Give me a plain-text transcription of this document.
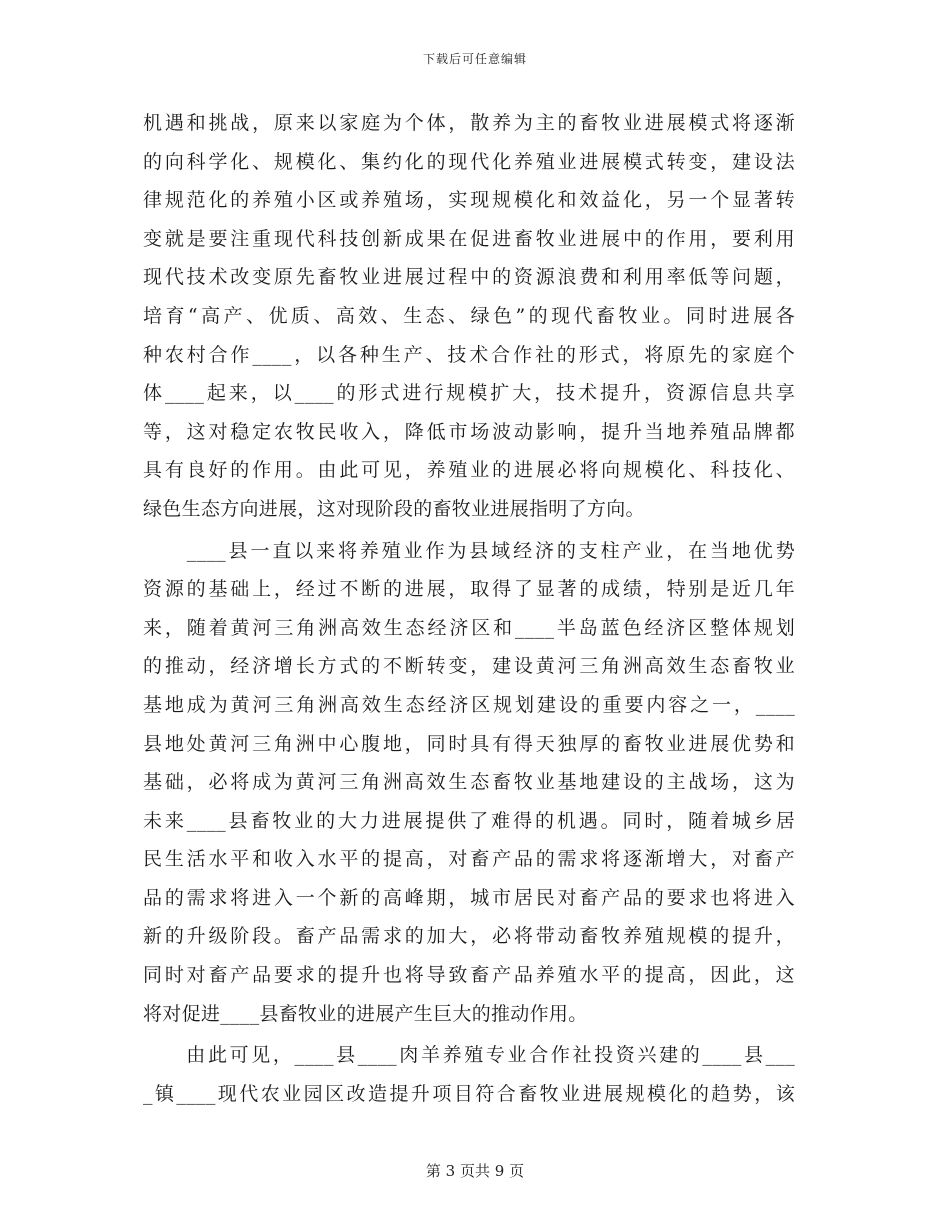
下载后可任意编辑
机遇和挑战，原来以家庭为个体，散养为主的畜牧业进展模式将逐渐
的向科学化、规模化、集约化的现代化养殖业进展模式转变，建设法
律规范化的养殖小区或养殖场，实现规模化和效益化，另一个显著转
变就是要注重现代科技创新成果在促进畜牧业进展中的作用，要利用
现代技术改变原先畜牧业进展过程中的资源浪费和利用率低等问题，
培育“高产、优质、高效、生态、绿色”的现代畜牧业。同时进展各
种农村合作____，以各种生产、技术合作社的形式，将原先的家庭个
体____起来，以____的形式进行规模扩大，技术提升，资源信息共享
等，这对稳定农牧民收入，降低市场波动影响，提升当地养殖品牌都
具有良好的作用。由此可见，养殖业的进展必将向规模化、科技化、
绿色生态方向进展，这对现阶段的畜牧业进展指明了方向。
　　____县一直以来将养殖业作为县域经济的支柱产业，在当地优势
资源的基础上，经过不断的进展，取得了显著的成绩，特别是近几年
来，随着黄河三角洲高效生态经济区和____半岛蓝色经济区整体规划
的推动，经济增长方式的不断转变，建设黄河三角洲高效生态畜牧业
基地成为黄河三角洲高效生态经济区规划建设的重要内容之一，____
县地处黄河三角洲中心腹地，同时具有得天独厚的畜牧业进展优势和
基础，必将成为黄河三角洲高效生态畜牧业基地建设的主战场，这为
未来____县畜牧业的大力进展提供了难得的机遇。同时，随着城乡居
民生活水平和收入水平的提高，对畜产品的需求将逐渐增大，对畜产
品的需求将进入一个新的高峰期，城市居民对畜产品的要求也将进入
新的升级阶段。畜产品需求的加大，必将带动畜牧养殖规模的提升，
同时对畜产品要求的提升也将导致畜产品养殖水平的提高，因此，这
将对促进____县畜牧业的进展产生巨大的推动作用。
　　由此可见，____县____肉羊养殖专业合作社投资兴建的____县___
_镇____现代农业园区改造提升项目符合畜牧业进展规模化的趋势，该
第 3 页共 9 页
